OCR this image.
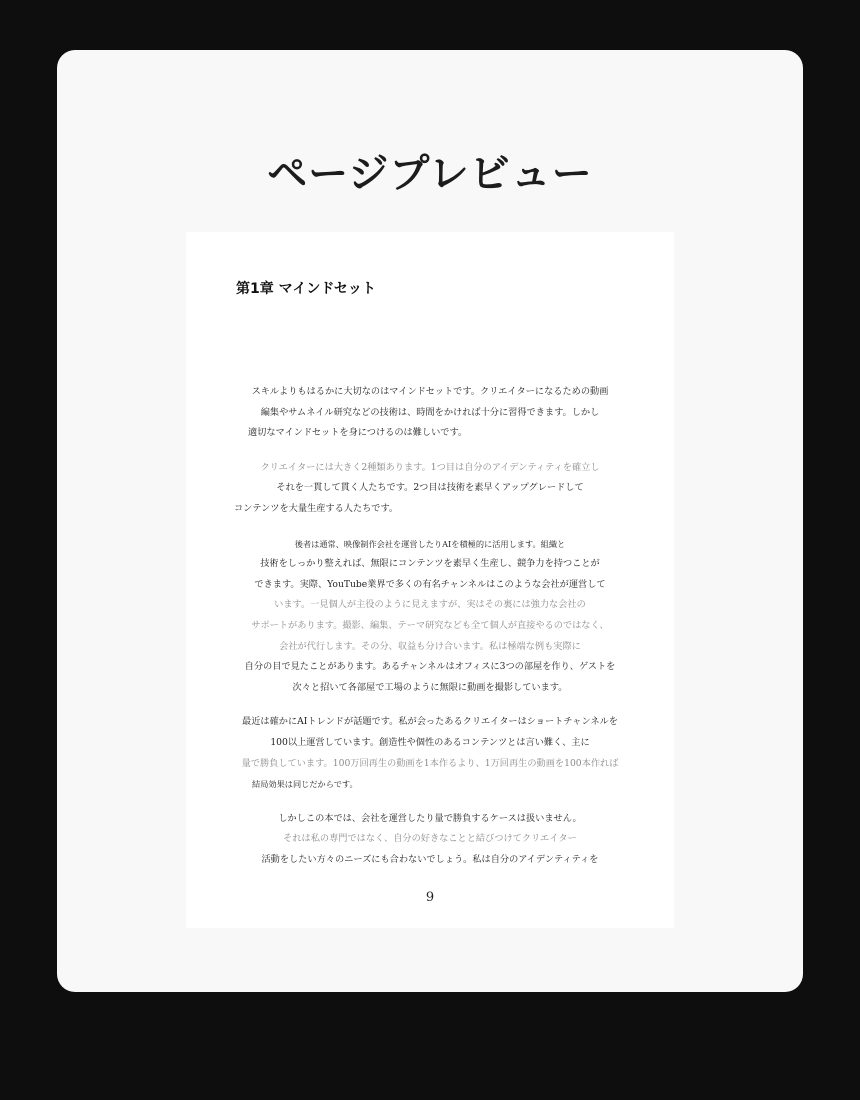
ページプレビュー
第1章 マインドセット
スキルよりもはるかに大切なのはマインドセットです。クリエイターになるための動画
編集やサムネイル研究などの技術は、時間をかければ十分に習得できます。しかし
適切なマインドセットを身につけるのは難しいです。
クリエイターには大きく2種類あります。1つ目は自分のアイデンティティを確立し
それを一貫して貫く人たちです。2つ目は技術を素早くアップグレードして
コンテンツを大量生産する人たちです。
後者は通常、映像制作会社を運営したりAIを積極的に活用します。組織と
技術をしっかり整えれば、無限にコンテンツを素早く生産し、競争力を持つことが
できます。実際、YouTube業界で多くの有名チャンネルはこのような会社が運営して
います。一見個人が主役のように見えますが、実はその裏には強力な会社の
サポートがあります。撮影、編集、テーマ研究なども全て個人が直接やるのではなく、
会社が代行します。その分、収益も分け合います。私は極端な例も実際に
自分の目で見たことがあります。あるチャンネルはオフィスに3つの部屋を作り、ゲストを
次々と招いて各部屋で工場のように無限に動画を撮影しています。
最近は確かにAIトレンドが話題です。私が会ったあるクリエイターはショートチャンネルを
100以上運営しています。創造性や個性のあるコンテンツとは言い難く、主に
量で勝負しています。100万回再生の動画を1本作るより、1万回再生の動画を100本作れば
結局効果は同じだからです。
しかしこの本では、会社を運営したり量で勝負するケースは扱いません。
それは私の専門ではなく、自分の好きなことと結びつけてクリエイター
活動をしたい方々のニーズにも合わないでしょう。私は自分のアイデンティティを
9
